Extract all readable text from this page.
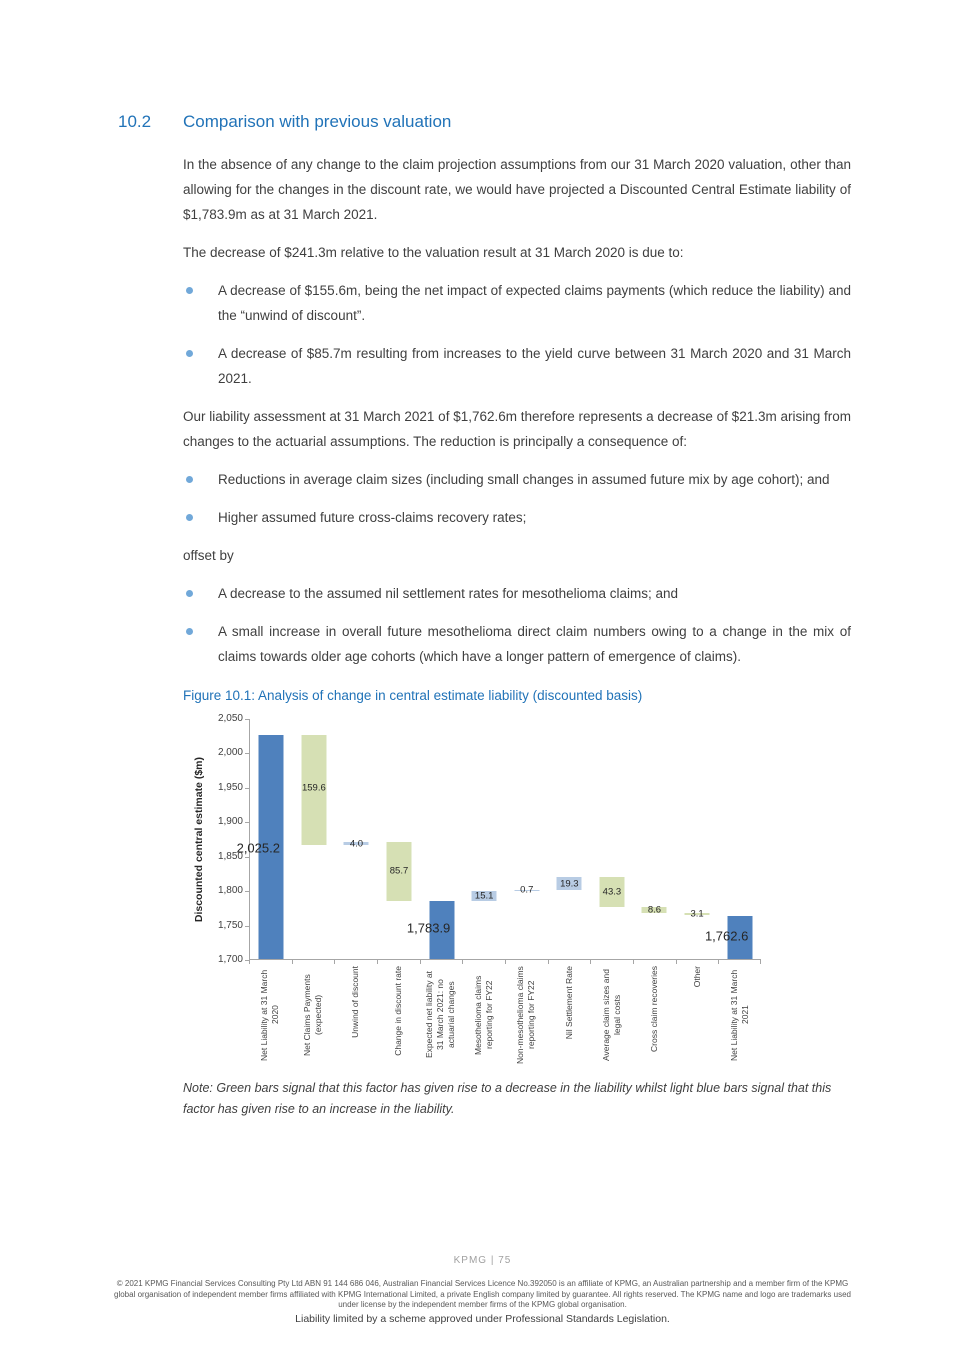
10.2	Comparison with previous valuation

In the absence of any change to the claim projection assumptions from our 31 March 2020 valuation, other than allowing for the changes in the discount rate, we would have projected a Discounted Central Estimate liability of $1,783.9m as at 31 March 2021.

The decrease of $241.3m relative to the valuation result at 31 March 2020 is due to:

A decrease of $155.6m, being the net impact of expected claims payments (which reduce the liability) and the “unwind of discount”.
A decrease of $85.7m resulting from increases to the yield curve between 31 March 2020 and 31 March 2021.

Our liability assessment at 31 March 2021 of $1,762.6m therefore represents a decrease of $21.3m arising from changes to the actuarial assumptions. The reduction is principally a consequence of:

Reductions in average claim sizes (including small changes in assumed future mix by age cohort); and
Higher assumed future cross-claims recovery rates;

offset by

A decrease to the assumed nil settlement rates for mesothelioma claims; and
A small increase in overall future mesothelioma direct claim numbers owing to a change in the mix of claims towards older age cohorts (which have a longer pattern of emergence of claims).
Figure 10.1: Analysis of change in central estimate liability (discounted basis)
Discounted central estimate ($m)
2,050
2,000
1,950
1,900
1,850
1,800
1,750
1,700
2,025.2
159.6
4.0
85.7
1,783.9
15.1
0.7
19.3
43.3
8.6	3.1
1,762.6
Net Liability at 31 March 2020	Net Claims Payments (expected)	Unwind of discount	Change in discount rate	Expected net liability at 31 March 2021: no actuarial changes Mesothelioma claims reporting for FY22	Non-mesothelioma claims reporting for FY22	Nil Settlement Rate	Average claim sizes and legal costs	Cross claim recoveries	Other	Net Liability at 31 March 2021

Note: Green bars signal that this factor has given rise to a decrease in the liability whilst light blue bars signal that this factor has given rise to an increase in the liability.

KPMG | 75
© 2021 KPMG Financial Services Consulting Pty Ltd ABN 91 144 686 046, Australian Financial Services Licence No.392050 is an affiliate of KPMG, an Australian partnership and a member firm of the KPMG global organisation of independent member firms affiliated with KPMG International Limited, a private English company limited by guarantee. All rights reserved. The KPMG name and logo are trademarks used under license by the independent member firms of the KPMG global organisation.
Liability limited by a scheme approved under Professional Standards Legislation.
